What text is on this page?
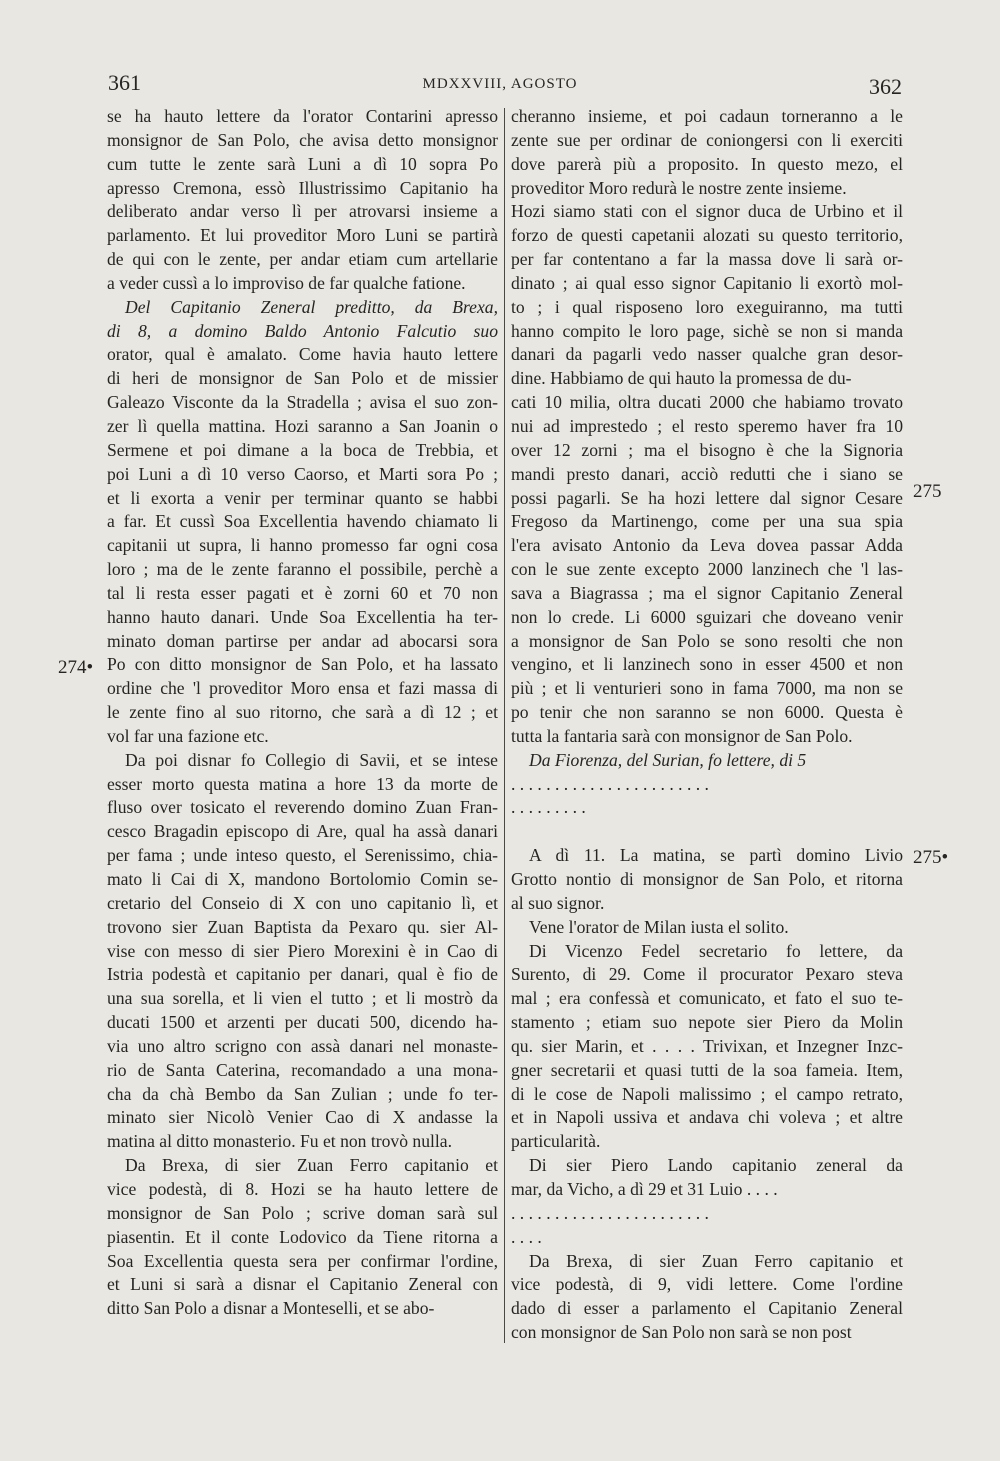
361	MDXXVIII, AGOSTO	362
274•
275
275•
se ha hauto lettere da l'orator Contarini apresso
monsignor de San Polo, che avisa detto monsignor
cum tutte le zente sarà Luni a dì 10 sopra Po
apresso Cremona, essò Illustrissimo Capitanio ha
deliberato andar verso lì per atrovarsi insieme a
parlamento. Et lui proveditor Moro Luni se partirà
de qui con le zente, per andar etiam cum artellarie
a veder cussì a lo improviso de far qualche fatione.
Del Capitanio Zeneral preditto, da Brexa,
di 8, a domino Baldo Antonio Falcutio suo
orator, qual è amalato. Come havia hauto lettere
di heri de monsignor de San Polo et de missier
Galeazo Visconte da la Stradella ; avisa el suo zon-
zer lì quella mattina. Hozi saranno a San Joanin o
Sermene et poi dimane a la boca de Trebbia, et
poi Luni a dì 10 verso Caorso, et Marti sora Po ;
et li exorta a venir per terminar quanto se habbi
a far. Et cussì Soa Excellentia havendo chiamato li
capitanii ut supra, li hanno promesso far ogni cosa
loro ; ma de le zente faranno el possibile, perchè a
tal li resta esser pagati et è zorni 60 et 70 non
hanno hauto danari. Unde Soa Excellentia ha ter-
minato doman partirse per andar ad abocarsi sora
Po con ditto monsignor de San Polo, et ha lassato
ordine che 'l proveditor Moro ensa et fazi massa di
le zente fino al suo ritorno, che sarà a dì 12 ; et
vol far una fazione etc.
Da poi disnar fo Collegio di Savii, et se intese
esser morto questa matina a hore 13 da morte de
fluso over tosicato el reverendo domino Zuan Fran-
cesco Bragadin episcopo di Are, qual ha assà danari
per fama ; unde inteso questo, el Serenissimo, chia-
mato li Cai di X, mandono Bortolomio Comin se-
cretario del Conseio di X con uno capitanio lì, et
trovono sier Zuan Baptista da Pexaro qu. sier Al-
vise con messo di sier Piero Morexini è in Cao di
Istria podestà et capitanio per danari, qual è fio de
una sua sorella, et li vien el tutto ; et li mostrò da
ducati 1500 et arzenti per ducati 500, dicendo ha-
via uno altro scrigno con assà danari nel monaste-
rio de Santa Caterina, recomandado a una mona-
cha da chà Bembo da San Zulian ; unde fo ter-
minato sier Nicolò Venier Cao di X andasse la
matina al ditto monasterio. Fu et non trovò nulla.
Da Brexa, di sier Zuan Ferro capitanio et
vice podestà, di 8. Hozi se ha hauto lettere de
monsignor de San Polo ; scrive doman sarà sul
piasentin. Et il conte Lodovico da Tiene ritorna a
Soa Excellentia questa sera per confirmar l'ordine,
et Luni si sarà a disnar el Capitanio Zeneral con
ditto San Polo a disnar a Monteselli, et se abo-
cheranno insieme, et poi cadaun torneranno a le
zente sue per ordinar de coniongersi con li exerciti
dove parerà più a proposito. In questo mezo, el
proveditor Moro redurà le nostre zente insieme.
Hozi siamo stati con el signor duca de Urbino et il
forzo de questi capetanii alozati su questo territorio,
per far contentano a far la massa dove li sarà or-
dinato ; ai qual esso signor Capitanio li exortò mol-
to ; i qual risposeno loro exeguiranno, ma tutti
hanno compito le loro page, sichè se non si manda
danari da pagarli vedo nasser qualche gran desor-
dine. Habbiamo de qui hauto la promessa de du-
cati 10 milia, oltra ducati 2000 che habiamo trovato
nui ad imprestedo ; el resto speremo haver fra 10
over 12 zorni ; ma el bisogno è che la Signoria
mandi presto danari, acciò redutti che i siano se
possi pagarli. Se ha hozi lettere dal signor Cesare
Fregoso da Martinengo, come per una sua spia
l'era avisato Antonio da Leva dovea passar Adda
con le sue zente excepto 2000 lanzinech che 'l las-
sava a Biagrassa ; ma el signor Capitanio Zeneral
non lo crede. Li 6000 sguizari che doveano venir
a monsignor de San Polo se sono resolti che non
vengino, et li lanzinech sono in esser 4500 et non
più ; et li venturieri sono in fama 7000, ma non se
po tenir che non saranno se non 6000. Questa è
tutta la fantaria sarà con monsignor de San Polo.
Da Fiorenza, del Surian, fo lettere, di 5
. . . . . . . . . . . . . . . . . . . . . . .
. . . . . . . . .
A dì 11. La matina, se partì domino Livio
Grotto nontio di monsignor de San Polo, et ritorna
al suo signor.
Vene l'orator de Milan iusta el solito.
Di Vicenzo Fedel secretario fo lettere, da
Surento, di 29. Come il procurator Pexaro steva
mal ; era confessà et comunicato, et fato el suo te-
stamento ; etiam suo nepote sier Piero da Molin
qu. sier Marin, et . . . . Trivixan, et Inzegner Inzc-
gner secretarii et quasi tutti de la soa fameia. Item,
di le cose de Napoli malissimo ; el campo retrato,
et in Napoli ussiva et andava chi voleva ; et altre
particularità.
Di sier Piero Lando capitanio zeneral da
mar, da Vicho, a dì 29 et 31 Luio . . . .
. . . . . . . . . . . . . . . . . . . . . . .
. . . .
Da Brexa, di sier Zuan Ferro capitanio et
vice podestà, di 9, vidi lettere. Come l'ordine
dado di esser a parlamento el Capitanio Zeneral
con monsignor de San Polo non sarà se non post
